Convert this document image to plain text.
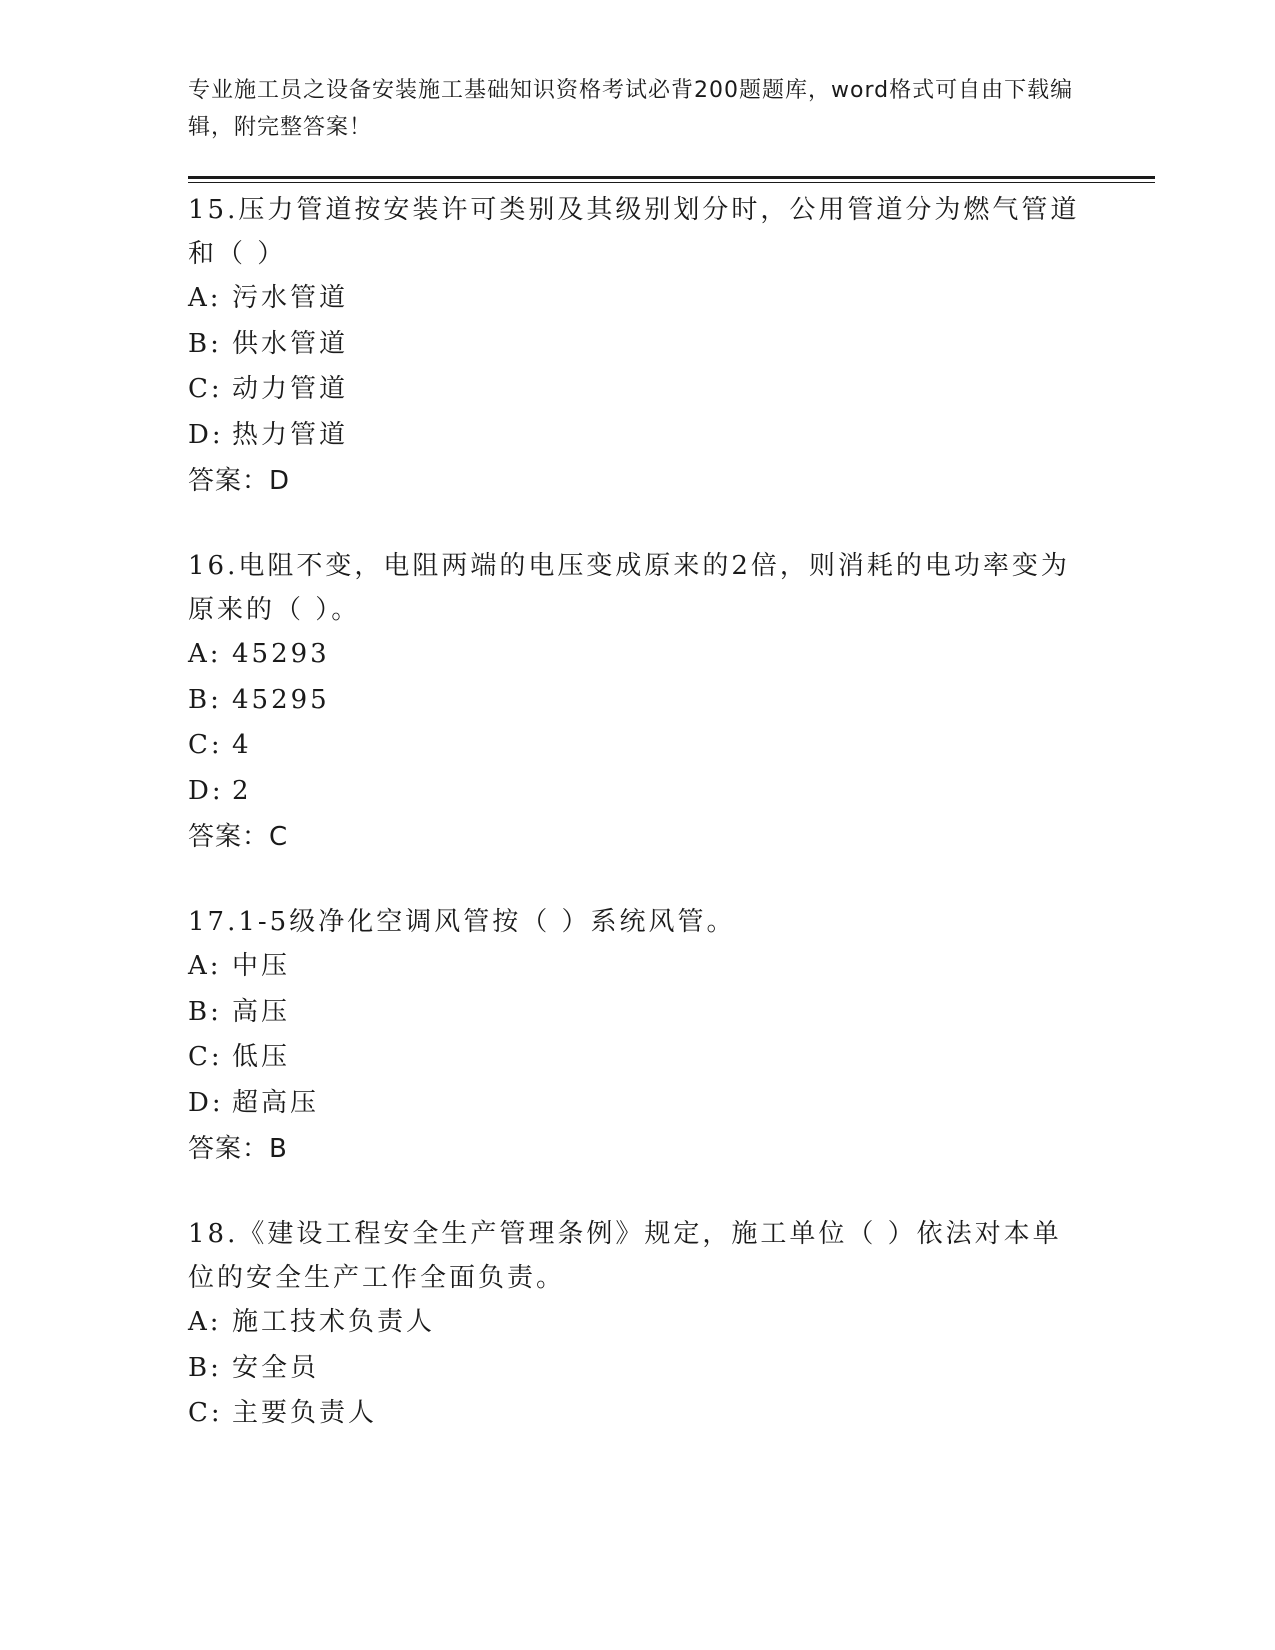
专业施工员之设备安装施工基础知识资格考试必背200题题库，word格式可自由下载编辑，附完整答案！

15.压力管道按安装许可类别及其级别划分时，公用管道分为燃气管道和（ ）

A: 污水管道
B: 供水管道
C: 动力管道
D: 热力管道
答案：D

16.电阻不变，电阻两端的电压变成原来的2倍，则消耗的电功率变为原来的（ ）。

A: 45293
B: 45295
C: 4
D: 2
答案：C

17.1-5级净化空调风管按（ ）系统风管。

A: 中压
B: 高压
C: 低压
D: 超高压
答案：B

18.《建设工程安全生产管理条例》规定，施工单位（ ）依法对本单位的安全生产工作全面负责。

A: 施工技术负责人
B: 安全员
C: 主要负责人
